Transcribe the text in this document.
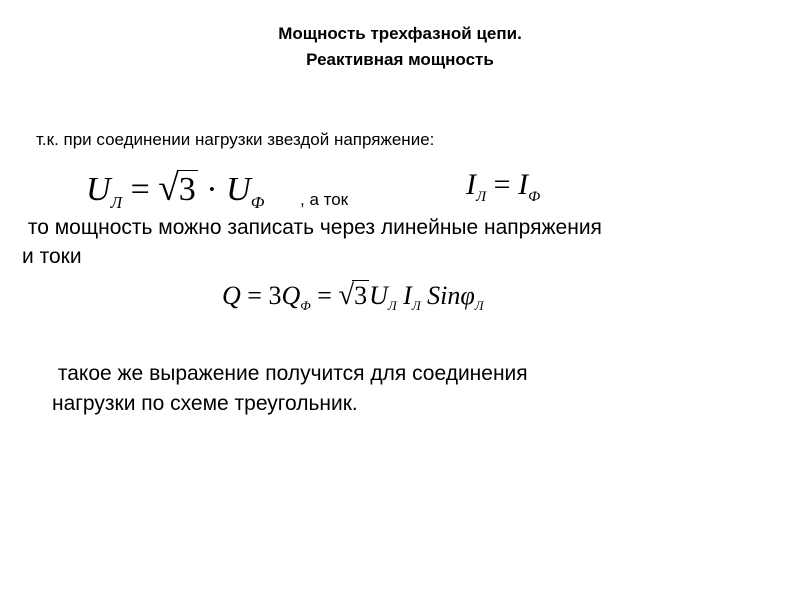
Мощность трехфазной цепи.
Реактивная мощность
т.к. при соединении нагрузки звездой напряжение:
$U_Л = √3 \cdot U_Ф$ , а ток	$I_Л = I_Ф$
то мощность можно записать через линейные напряжения
и токи
$Q = 3Q_Ф = √3U_Л$ $I_Л$ Sinφ$_Л$
такое же выражение получится для соединения
нагрузки по схеме треугольник.
